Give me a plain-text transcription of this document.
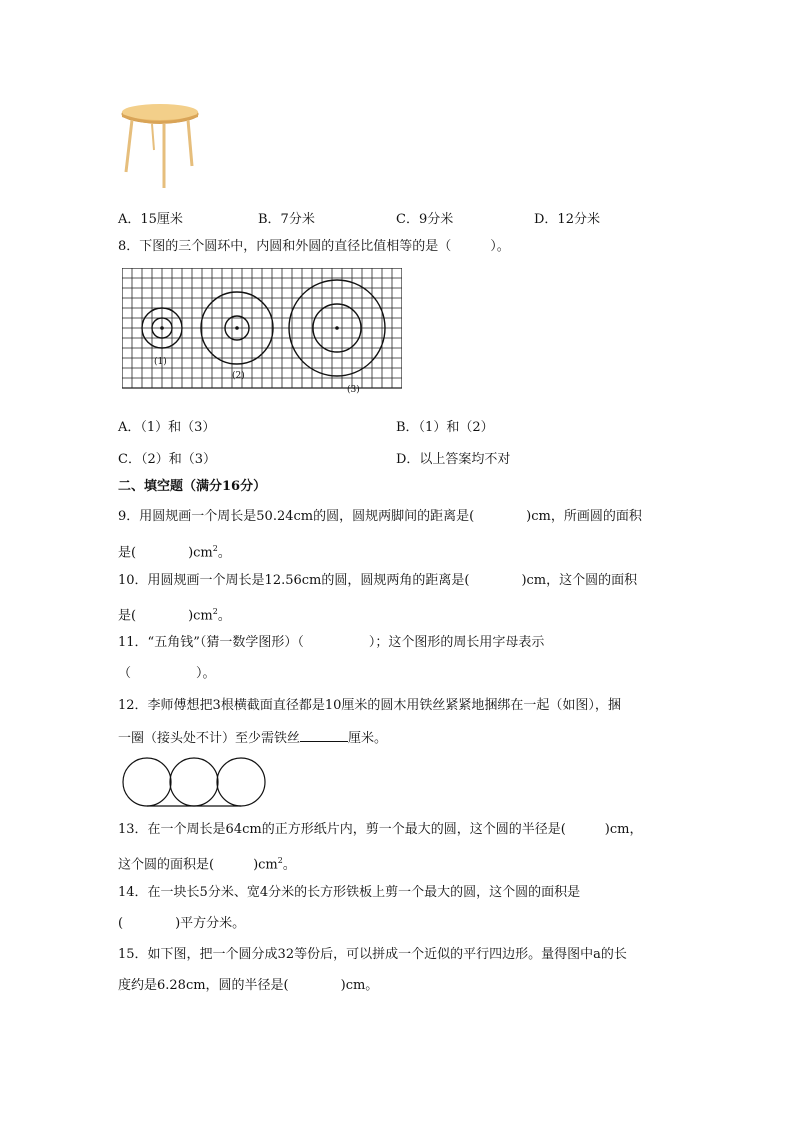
A．15厘米	B．7分米	C．9分米	D．12分米
8．下图的三个圆环中，内圆和外圆的直径比值相等的是（　　　）。
(1)
(2)
(3)
A．（1）和（3）	B．（1）和（2）
C．（2）和（3）	D．以上答案均不对
二、填空题（满分16分）
9．用圆规画一个周长是50.24cm的圆，圆规两脚间的距离是(　　　　)cm，所画圆的面积
是(　　　　)$cm^2$。
10．用圆规画一个周长是12.56cm的圆，圆规两角的距离是(　　　　)cm，这个圆的面积
是(　　　　)$cm^2$。
11．“五角钱”（猜一数学图形）（　　　　　）；这个图形的周长用字母表示
（　　　　　）。
12．李师傅想把3根横截面直径都是10厘米的圆木用铁丝紧紧地捆绑在一起（如图），捆
一圈（接头处不计）至少需铁丝	厘米。
13．在一个周长是64cm的正方形纸片内，剪一个最大的圆，这个圆的半径是(　　　)cm，
这个圆的面积是(　　　)$cm^2$。
14．在一块长5分米、宽4分米的长方形铁板上剪一个最大的圆，这个圆的面积是
(　　　　)平方分米。
15．如下图，把一个圆分成32等份后，可以拼成一个近似的平行四边形。量得图中a的长
度约是6.28cm，圆的半径是(　　　　)cm。
